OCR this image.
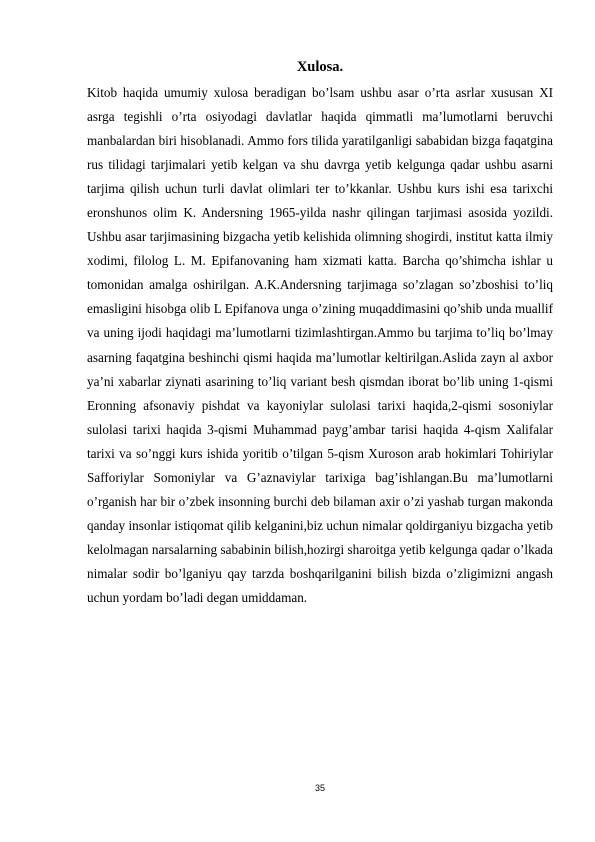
Xulosa.

Kitob haqida umumiy xulosa beradigan bo’lsam ushbu asar o’rta asrlar xususan XI asrga tegishli o’rta osiyodagi davlatlar haqida qimmatli ma’lumotlarni beruvchi manbalardan biri hisoblanadi. Ammo fors tilida yaratilganligi sababidan bizga faqatgina rus tilidagi tarjimalari yetib kelgan va shu davrga yetib kelgunga qadar ushbu asarni tarjima qilish uchun turli davlat olimlari ter to’kkanlar. Ushbu kurs ishi esa tarixchi eronshunos olim K. Andersning 1965-yilda nashr qilingan tarjimasi asosida yozildi. Ushbu asar tarjimasining bizgacha yetib kelishida olimning shogirdi, institut katta ilmiy xodimi, filolog L. M. Epifanovaning ham xizmati katta. Barcha qo’shimcha ishlar u tomonidan amalga oshirilgan. A.K.Andersning tarjimaga so’zlagan so’zboshisi to’liq emasligini hisobga olib L Epifanova unga o’zining muqaddimasini qo’shib unda muallif va uning ijodi haqidagi ma’lumotlarni tizimlashtirgan.Ammo bu tarjima to’liq bo’lmay asarning faqatgina beshinchi qismi haqida ma’lumotlar keltirilgan.Aslida zayn al axbor ya’ni xabarlar ziynati asarining to’liq variant besh qismdan iborat bo’lib uning 1-qismi Eronning afsonaviy pishdat va kayoniylar sulolasi tarixi haqida,2-qismi sosoniylar sulolasi tarixi haqida 3-qismi Muhammad payg’ambar tarisi haqida 4-qism Xalifalar tarixi va so’nggi kurs ishida yoritib o’tilgan 5-qism Xuroson arab hokimlari Tohiriylar Safforiylar Somoniylar va G’aznaviylar tarixiga bag’ishlangan.Bu ma’lumotlarni o’rganish har bir o’zbek insonning burchi deb bilaman axir o’zi yashab turgan makonda qanday insonlar istiqomat qilib kelganini,biz uchun nimalar qoldirganiyu bizgacha yetib kelolmagan narsalarning sababinin bilish,hozirgi sharoitga yetib kelgunga qadar o’lkada nimalar sodir bo’lganiyu qay tarzda boshqarilganini bilish bizda o’zligimizni angash uchun yordam bo’ladi degan umiddaman.

35
